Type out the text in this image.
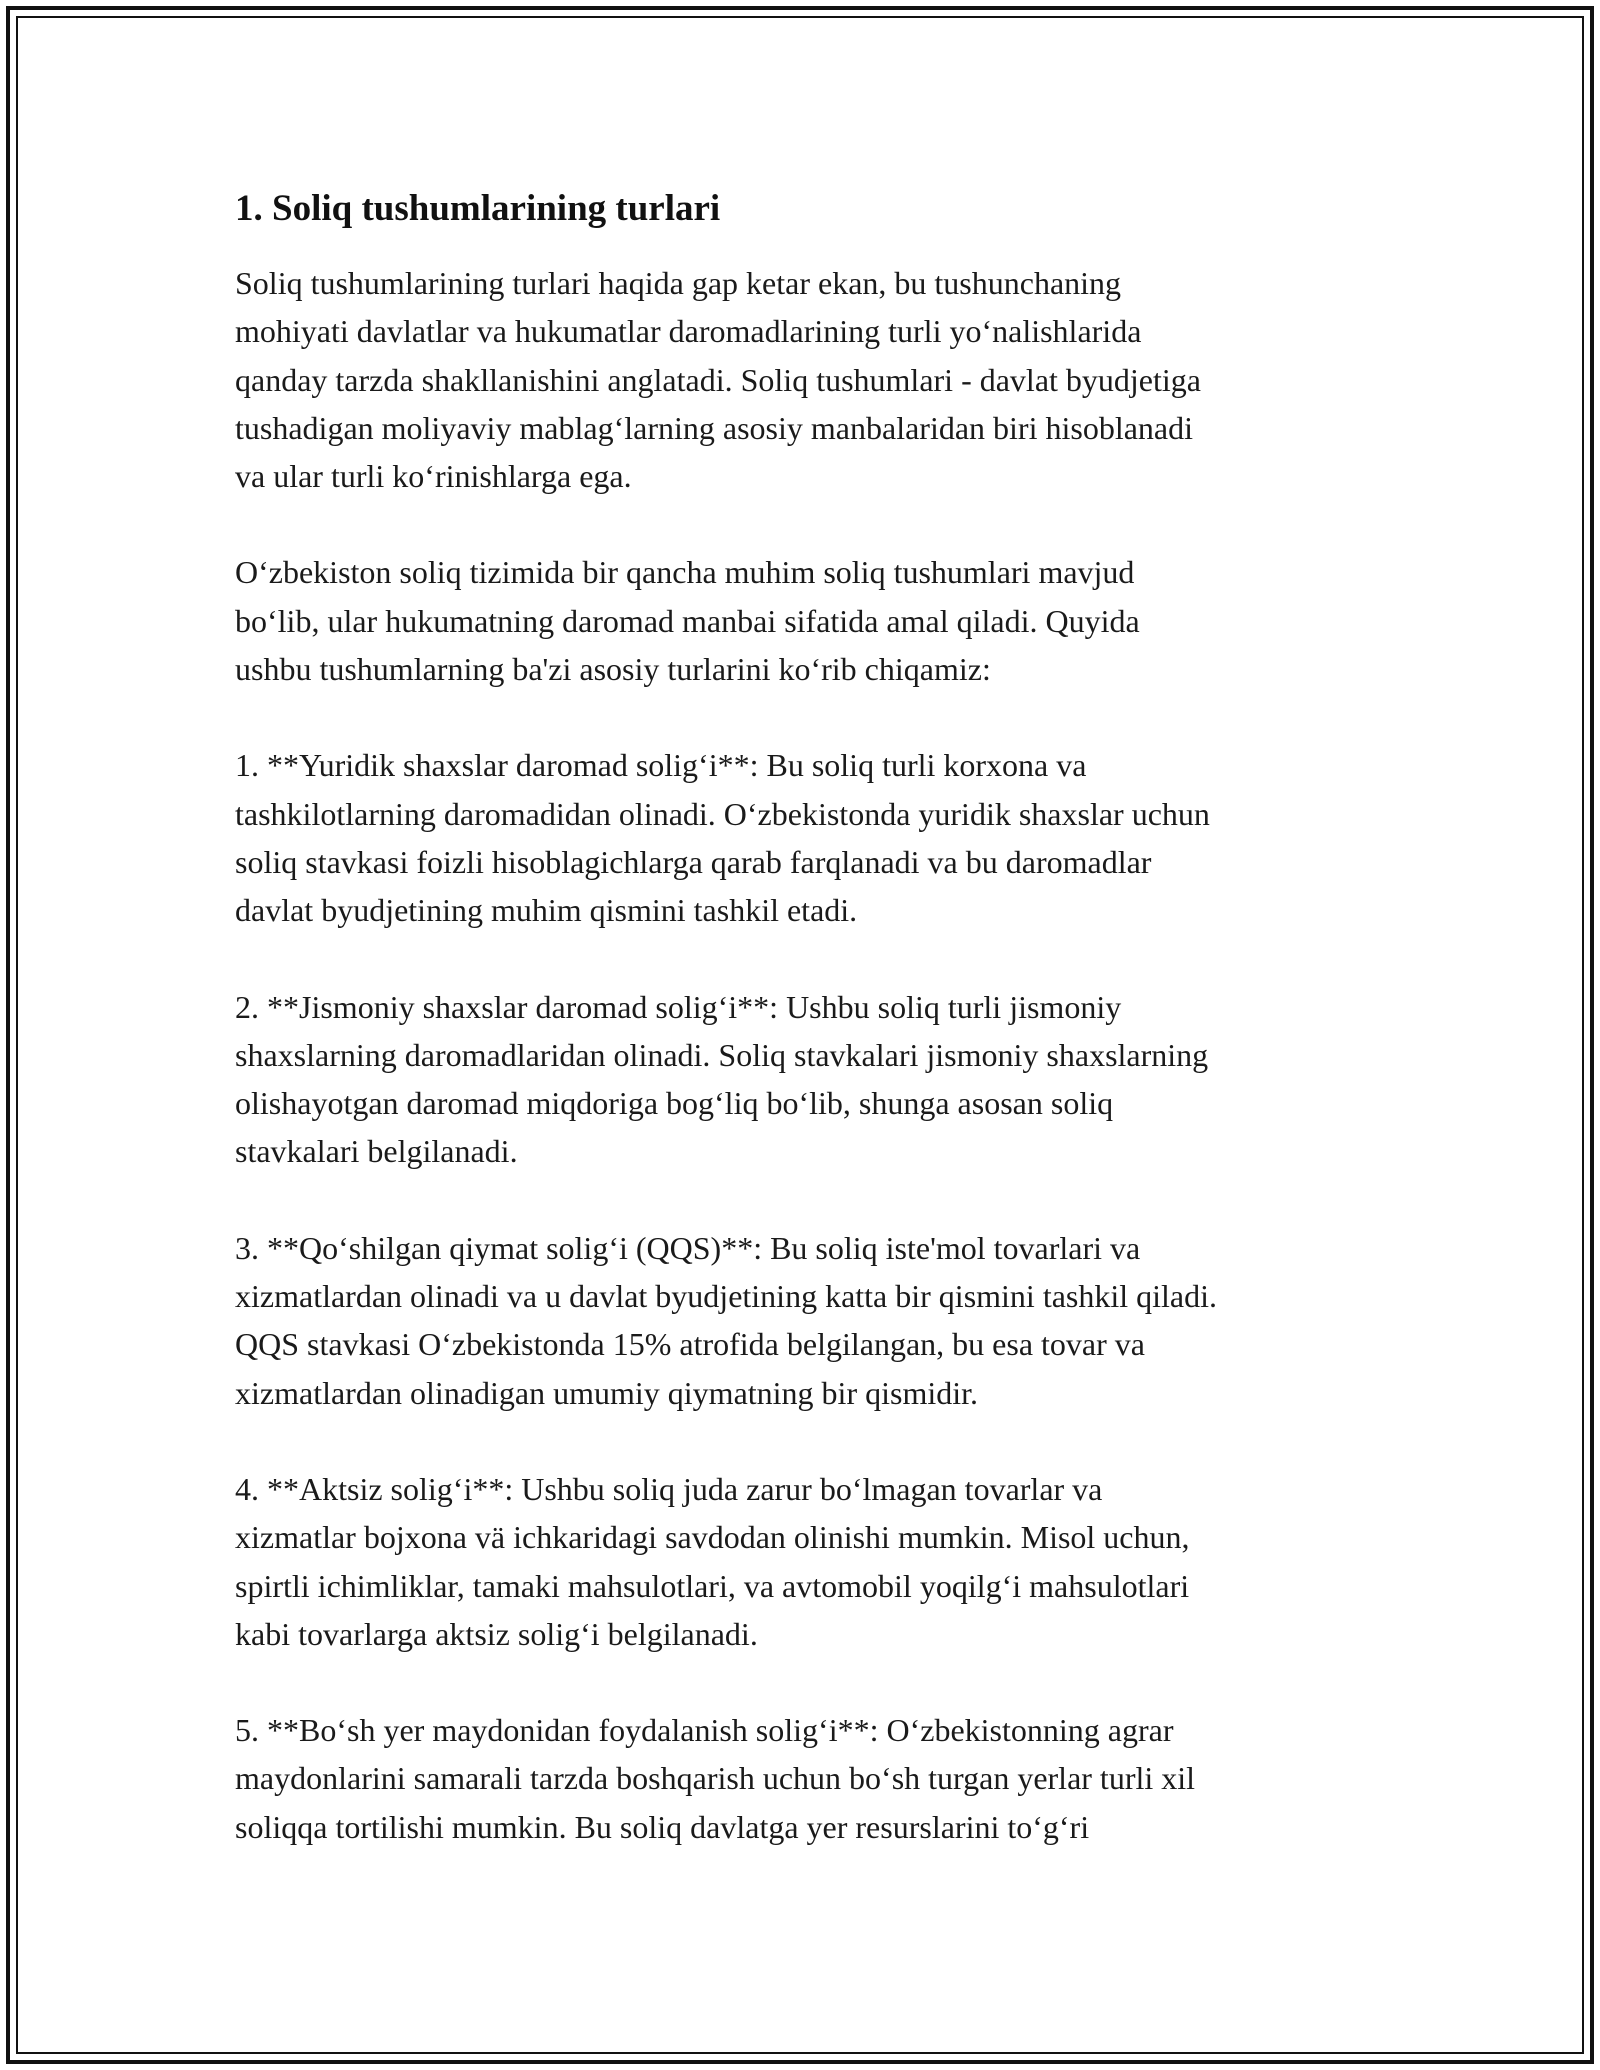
1. Soliq tushumlarining turlari

Soliq tushumlarining turlari haqida gap ketar ekan, bu tushunchaning
mohiyati davlatlar va hukumatlar daromadlarining turli yo‘nalishlarida
qanday tarzda shakllanishini anglatadi. Soliq tushumlari - davlat byudjetiga
tushadigan moliyaviy mablag‘larning asosiy manbalaridan biri hisoblanadi
va ular turli ko‘rinishlarga ega.

O‘zbekiston soliq tizimida bir qancha muhim soliq tushumlari mavjud
bo‘lib, ular hukumatning daromad manbai sifatida amal qiladi. Quyida
ushbu tushumlarning ba'zi asosiy turlarini ko‘rib chiqamiz:

1. **Yuridik shaxslar daromad solig‘i**: Bu soliq turli korxona va
tashkilotlarning daromadidan olinadi. O‘zbekistonda yuridik shaxslar uchun
soliq stavkasi foizli hisoblagichlarga qarab farqlanadi va bu daromadlar
davlat byudjetining muhim qismini tashkil etadi.

2. **Jismoniy shaxslar daromad solig‘i**: Ushbu soliq turli jismoniy
shaxslarning daromadlaridan olinadi. Soliq stavkalari jismoniy shaxslarning
olishayotgan daromad miqdoriga bog‘liq bo‘lib, shunga asosan soliq
stavkalari belgilanadi.

3. **Qo‘shilgan qiymat solig‘i (QQS)**: Bu soliq iste'mol tovarlari va
xizmatlardan olinadi va u davlat byudjetining katta bir qismini tashkil qiladi.
QQS stavkasi O‘zbekistonda 15% atrofida belgilangan, bu esa tovar va
xizmatlardan olinadigan umumiy qiymatning bir qismidir.

4. **Aktsiz solig‘i**: Ushbu soliq juda zarur bo‘lmagan tovarlar va
xizmatlar bojxona vä ichkaridagi savdodan olinishi mumkin. Misol uchun,
spirtli ichimliklar, tamaki mahsulotlari, va avtomobil yoqilg‘i mahsulotlari
kabi tovarlarga aktsiz solig‘i belgilanadi.

5. **Bo‘sh yer maydonidan foydalanish solig‘i**: O‘zbekistonning agrar
maydonlarini samarali tarzda boshqarish uchun bo‘sh turgan yerlar turli xil
soliqqa tortilishi mumkin. Bu soliq davlatga yer resurslarini to‘g‘ri
